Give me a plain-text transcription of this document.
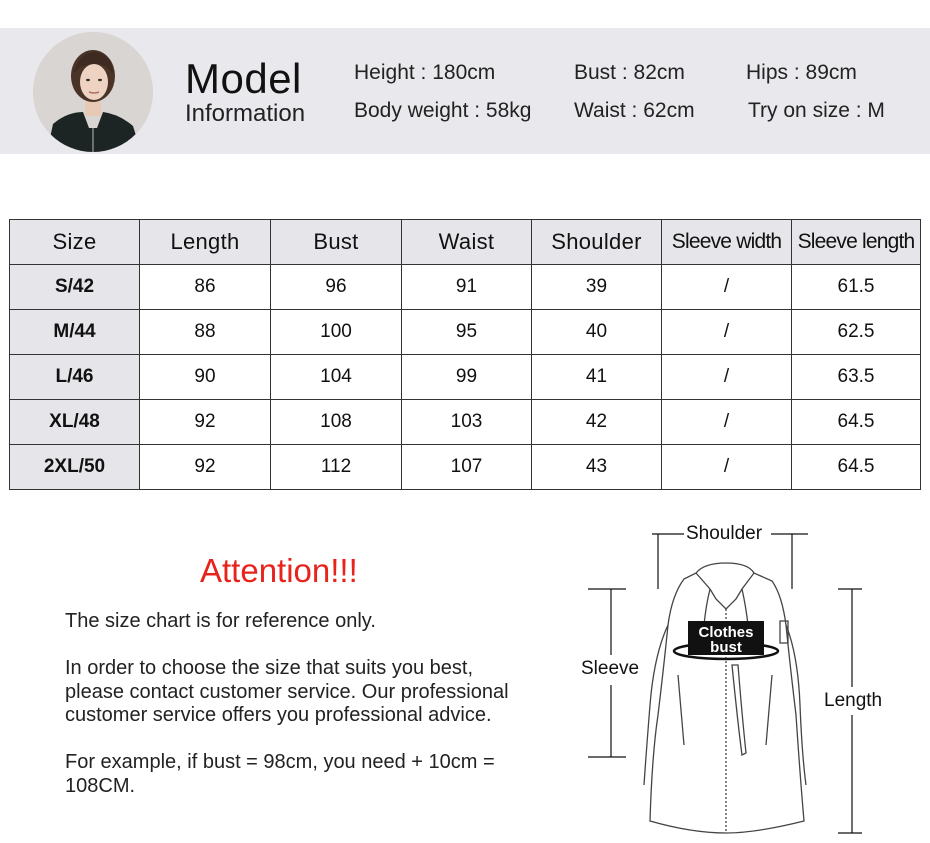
Model
Information
Height : 180cm	Bust : 82cm	Hips : 89cm
Body weight : 58kg Waist : 62cm	Try on size : M
Size	Length	Bust	Waist	Shoulder	Sleeve width	Sleeve length
S/42	86	96	91	39	/	61.5
M/44	88	100	95	40	/	62.5
L/46	90	104	99	41	/	63.5
XL/48	92	108	103	42	/	64.5
2XL/50	92	112	107	43	/	64.5
Attention!!!
The size chart is for reference only.
In order to choose the size that suits you best, please contact customer service. Our professional customer service offers you professional advice.
For example, if bust = 98cm, you need + 10cm = 108CM.
Shoulder
Clothes
bust
Sleeve
Length
